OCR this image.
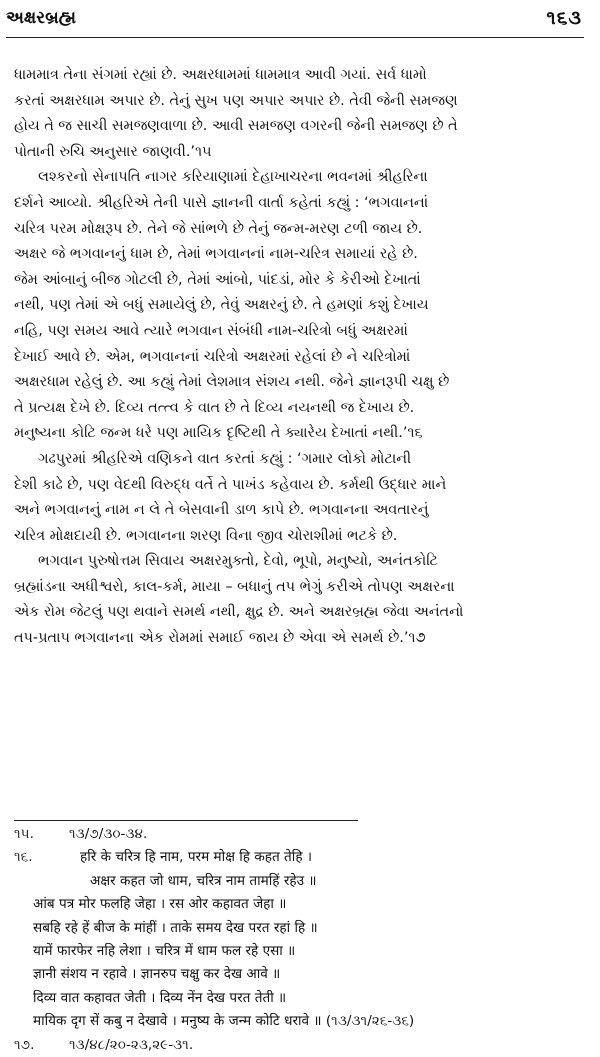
અક્ષરબ્રહ્મ	૧૬૩

ધામમાત્ર તેના સંગમાં રહ્યાં છે. અક્ષરધામમાં ધામમાત્ર આવી ગયાં. સર્વ ધામો
કરતાં અક્ષરધામ અપાર છે. તેનું સુખ પણ અપાર અપાર છે. તેવી જેની સમજણ
હોય તે જ સાચી સમજણવાળા છે. આવી સમજણ વગરની જેની સમજણ છે તે
પોતાની રુચિ અનુસાર જાણવી.’૧૫

લશ્કરનો સેનાપતિ નાગર કરિયાણામાં દેહાખાચરના ભવનમાં શ્રીહરિના
દર્શને આવ્યો. શ્રીહરિએ તેની પાસે જ્ઞાનની વાર્તા કહેતાં કહ્યું : ‘ભગવાનનાં
ચરિત્ર પરમ મોક્ષરૂપ છે. તેને જે સાંભળે છે તેનું જન્મ-મરણ ટળી જાય છે.
અક્ષર જે ભગવાનનું ધામ છે, તેમાં ભગવાનનાં નામ-ચરિત્ર સમાયાં રહે છે.
જેમ આંબાનું બીજ ગોટલી છે, તેમાં આંબો, પાંદડાં, મોર કે કેરીઓ દેખાતાં
નથી, પણ તેમાં એ બધું સમાયેલું છે, તેવું અક્ષરનું છે. તે હમણાં કશું દેખાય
નહિ, પણ સમય આવે ત્યારે ભગવાન સંબંધી નામ-ચરિત્રો બધું અક્ષરમાં
દેખાઈ આવે છે. એમ, ભગવાનનાં ચરિત્રો અક્ષરમાં રહેલાં છે ને ચરિત્રોમાં
અક્ષરધામ રહેલું છે. આ કહ્યું તેમાં લેશમાત્ર સંશય નથી. જેને જ્ઞાનરૂપી ચક્ષુ છે
તે પ્રત્યક્ષ દેખે છે. દિવ્ય તત્ત્વ કે વાત છે તે દિવ્ય નયનથી જ દેખાય છે.
મનુષ્યના કોટિ જન્મ ધરે પણ માયિક દૃષ્ટિથી તે ક્યારેય દેખાતાં નથી.’૧૬

ગઢપુરમાં શ્રીહરિએ વણિકને વાત કરતાં કહ્યું : ‘ગમાર લોકો મોટાની
દેશી કાઢે છે, પણ વેદથી વિરુદ્ધ વર્તે તે પાખંડ કહેવાય છે. કર્મથી ઉદ્ધાર માને
અને ભગવાનનું નામ ન લે તે બેસવાની ડાળ કાપે છે. ભગવાનના અવતારનું
ચરિત્ર મોક્ષદાયી છે. ભગવાનના શરણ વિના જીવ ચોરાશીમાં ભટકે છે.

ભગવાન પુરુષોત્તમ સિવાય અક્ષરમુક્તો, દેવો, ભૂપો, મનુષ્યો, અનંતકોટિ
બ્રહ્માંડના અધીશ્વરો, કાલ-કર્મ, માયા – બધાનું તપ ભેગું કરીએ તોપણ અક્ષરના
એક રોમ જેટલું પણ થવાને સમર્થ નથી, ક્ષુદ્ર છે. અને અક્ષરબ્રહ્મ જેવા અનંતનો
તપ-પ્રતાપ ભગવાનના એક રોમમાં સમાઈ જાય છે એવા એ સમર્થ છે.’૧૭

૧૫.	૧૩/૭/૩૦-૩૪.
૧૬.	हरि के चरित्र हि नाम, परम मोक्ष हि कहत तेहि ।
अक्षर कहत जो धाम, चरित्र नाम तामहिं रहेउ ॥
आंब पत्र मोर फलहि जेहा । रस ओर कहावत जेहा ॥
सबहि रहे हें बीज के मांहीं । ताके समय देख परत रहां हि ॥
यामें फारफेर नहि लेशा । चरित्र में धाम फल रहे एसा ॥
ज्ञानी संशय न रहावे । ज्ञानरुप चक्षु कर देख आवे ॥
दिव्य वात कहावत जेती । दिव्य नेंन देख परत तेती ॥
मायिक दृग सें कबु न देखावे । मनुष्य के जन्म कोटि धरावे ॥ (૧૩/૩૧/૨૬-૩૬)
૧૭.	૧૩/૪૮/૨૦-૨૩,૨૯-૩૧.
